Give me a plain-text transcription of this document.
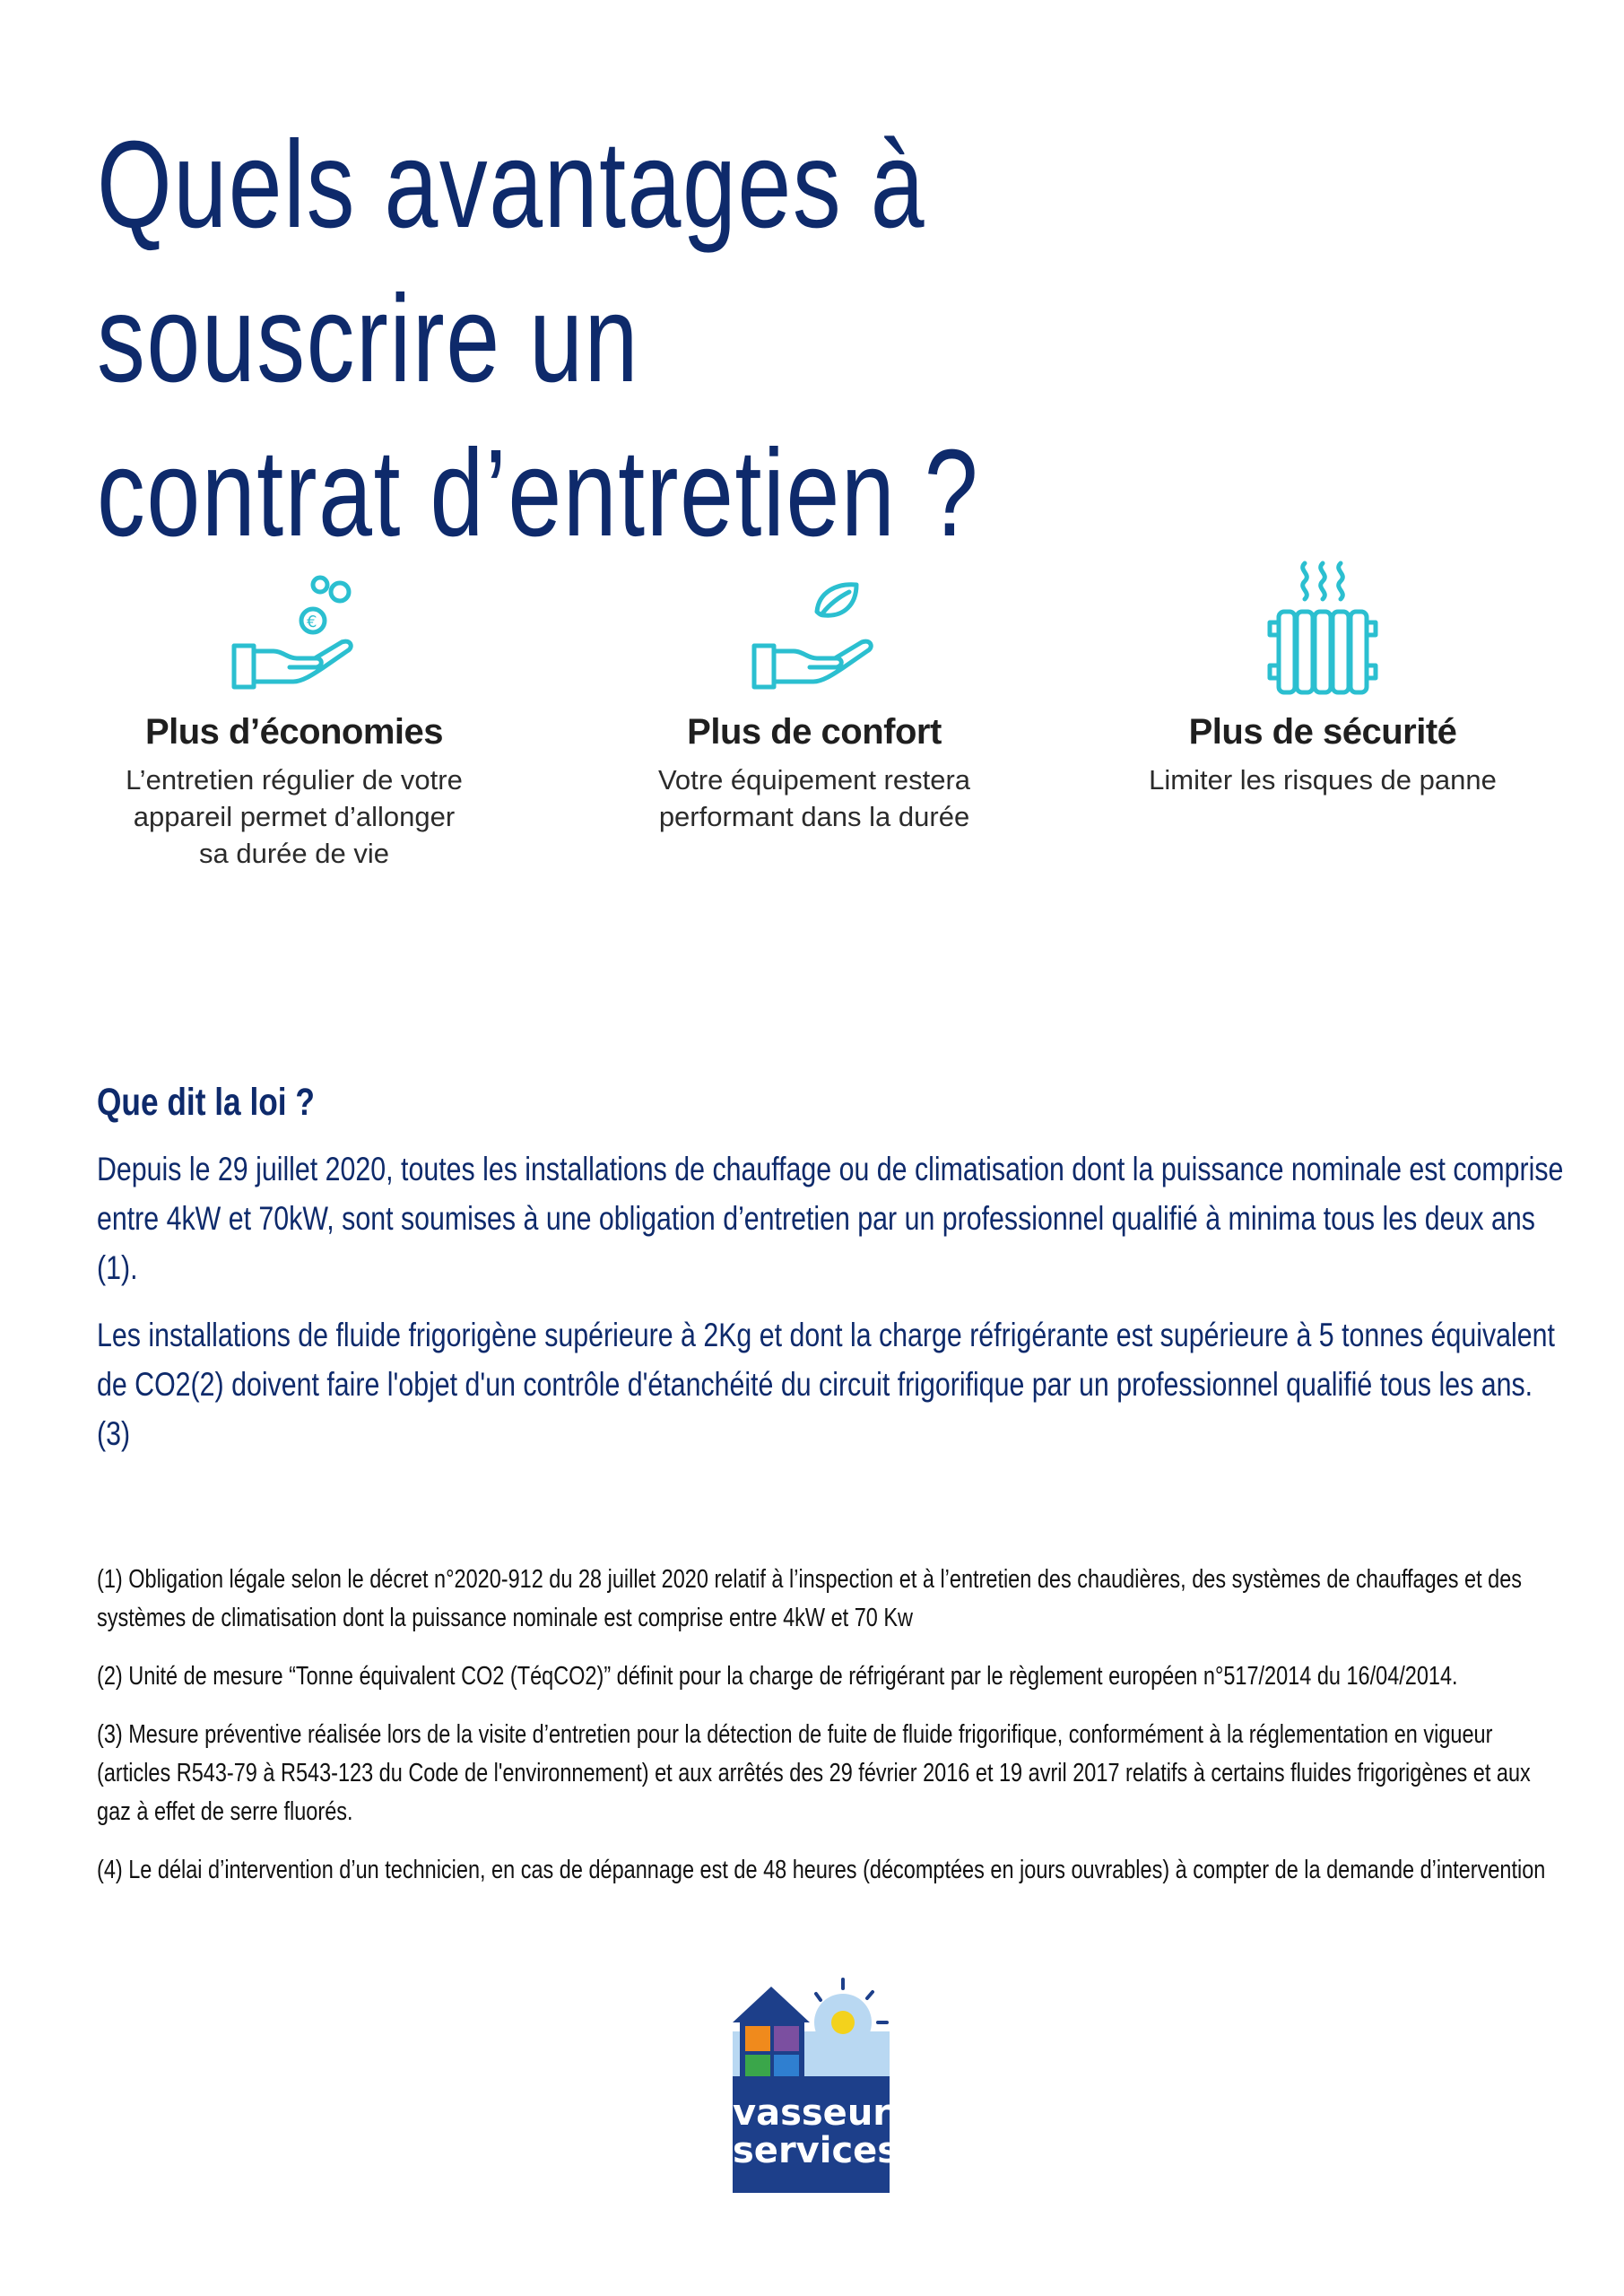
Quels avantages à souscrire un
contrat d’entretien ?
€
Plus d’économies

L’entretien régulier de votre
appareil permet d’allonger
sa durée de vie

Plus de confort

Votre équipement restera
performant dans la durée

Plus de sécurité

Limiter les risques de panne

Que dit la loi ?

Depuis le 29 juillet 2020, toutes les installations de chauffage ou de climatisation dont la puissance nominale est comprise entre 4kW et 70kW, sont soumises à une obligation d’entretien par un professionnel qualifié à minima tous les deux ans (1).

Les installations de fluide frigorigène supérieure à 2Kg et dont la charge réfrigérante est supérieure à 5 tonnes équivalent de CO2(2) doivent faire l'objet d'un contrôle d'étanchéité du circuit frigorifique par un professionnel qualifié tous les ans. (3)

(1) Obligation légale selon le décret n°2020-912 du 28 juillet 2020 relatif à l’inspection et à l’entretien des chaudières, des systèmes de chauffages et des systèmes de climatisation dont la puissance nominale est comprise entre 4kW et 70 Kw

(2) Unité de mesure “Tonne équivalent CO2 (TéqCO2)” définit pour la charge de réfrigérant par le règlement européen n°517/2014 du 16/04/2014.

(3) Mesure préventive réalisée lors de la visite d’entretien pour la détection de fuite de fluide frigorifique, conformément à la réglementation en vigueur (articles R543-79 à R543-123 du Code de l'environnement) et aux arrêtés des 29 février 2016 et 19 avril 2017 relatifs à certains fluides frigorigènes et aux gaz à effet de serre fluorés.

(4) Le délai d’intervention d’un technicien, en cas de dépannage est de 48 heures (décomptées en jours ouvrables) à compter de la demande d’intervention

vasseur
services
